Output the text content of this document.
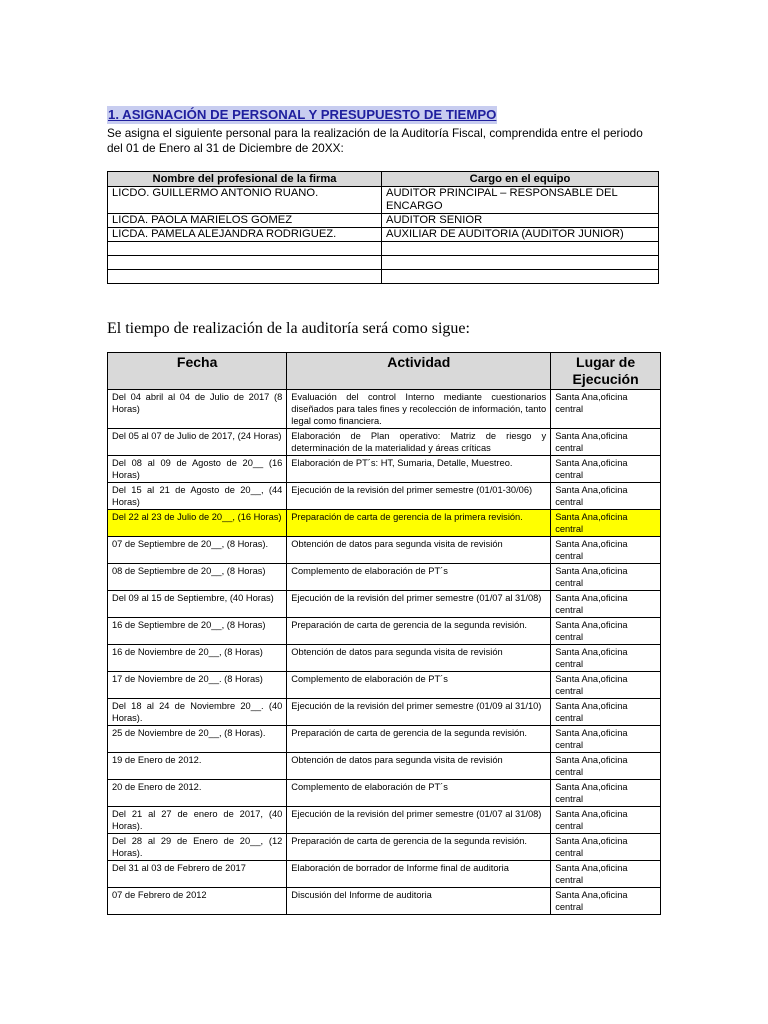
1. ASIGNACIÓN DE PERSONAL Y PRESUPUESTO DE TIEMPO
Se asigna el siguiente personal para la realización de la Auditoría Fiscal, comprendida entre el periodo del 01 de Enero al 31 de Diciembre de 20XX:
Nombre del profesional de la firma	Cargo en el equipo
LICDO. GUILLERMO ANTONIO RUANO.	AUDITOR PRINCIPAL – RESPONSABLE DEL ENCARGO
LICDA. PAOLA MARIELOS GOMEZ	AUDITOR SENIOR
LICDA. PAMELA ALEJANDRA RODRIGUEZ.	AUXILIAR DE AUDITORIA (AUDITOR JUNIOR)

El tiempo de realización de la auditoría será como sigue:
Fecha	Actividad	Lugar de Ejecución
Del 04 abril al 04 de Julio de 2017 (8 Horas)	Evaluación del control Interno mediante cuestionarios diseñados para tales fines y recolección de información, tanto legal como financiera.	Santa Ana,oficina central
Del 05 al 07 de Julio de 2017, (24 Horas)	Elaboración de Plan operativo: Matriz de riesgo y determinación de la materialidad y áreas críticas	Santa Ana,oficina central
Del 08 al 09 de Agosto de 20__ (16 Horas)	Elaboración de PT´s: HT, Sumaria, Detalle, Muestreo.	Santa Ana,oficina central
Del 15 al 21 de Agosto de 20__, (44 Horas)	Ejecución de la revisión del primer semestre (01/01-30/06)	Santa Ana,oficina central
Del 22 al 23 de Julio de 20__, (16 Horas)	Preparación de carta de gerencia de la primera revisión.	Santa Ana,oficina central
07 de Septiembre de 20__, (8 Horas).	Obtención de datos para segunda visita de revisión	Santa Ana,oficina central
08 de Septiembre de 20__, (8 Horas)	Complemento de elaboración de PT´s	Santa Ana,oficina central
Del 09 al 15 de Septiembre, (40 Horas)	Ejecución de la revisión del primer semestre (01/07 al 31/08)	Santa Ana,oficina central
16 de Septiembre de 20__, (8 Horas)	Preparación de carta de gerencia de la segunda revisión.	Santa Ana,oficina central
16 de Noviembre de 20__, (8 Horas)	Obtención de datos para segunda visita de revisión	Santa Ana,oficina central
17 de Noviembre de 20__. (8 Horas)	Complemento de elaboración de PT´s	Santa Ana,oficina central
Del 18 al 24 de Noviembre 20__. (40 Horas).	Ejecución de la revisión del primer semestre (01/09 al 31/10)	Santa Ana,oficina central
25 de Noviembre de 20__, (8 Horas).	Preparación de carta de gerencia de la segunda revisión.	Santa Ana,oficina central
19 de Enero de 2012.	Obtención de datos para segunda visita de revisión	Santa Ana,oficina central
20 de Enero de 2012.	Complemento de elaboración de PT´s	Santa Ana,oficina central
Del 21 al 27 de enero de 2017, (40 Horas).	Ejecución de la revisión del primer semestre (01/07 al 31/08)	Santa Ana,oficina central
Del 28 al 29 de Enero de 20__, (12 Horas).	Preparación de carta de gerencia de la segunda revisión.	Santa Ana,oficina central
Del 31 al 03 de Febrero de 2017	Elaboración de borrador de Informe final de auditoria	Santa Ana,oficina central
07 de Febrero de 2012	Discusión del Informe de auditoria	Santa Ana,oficina central
